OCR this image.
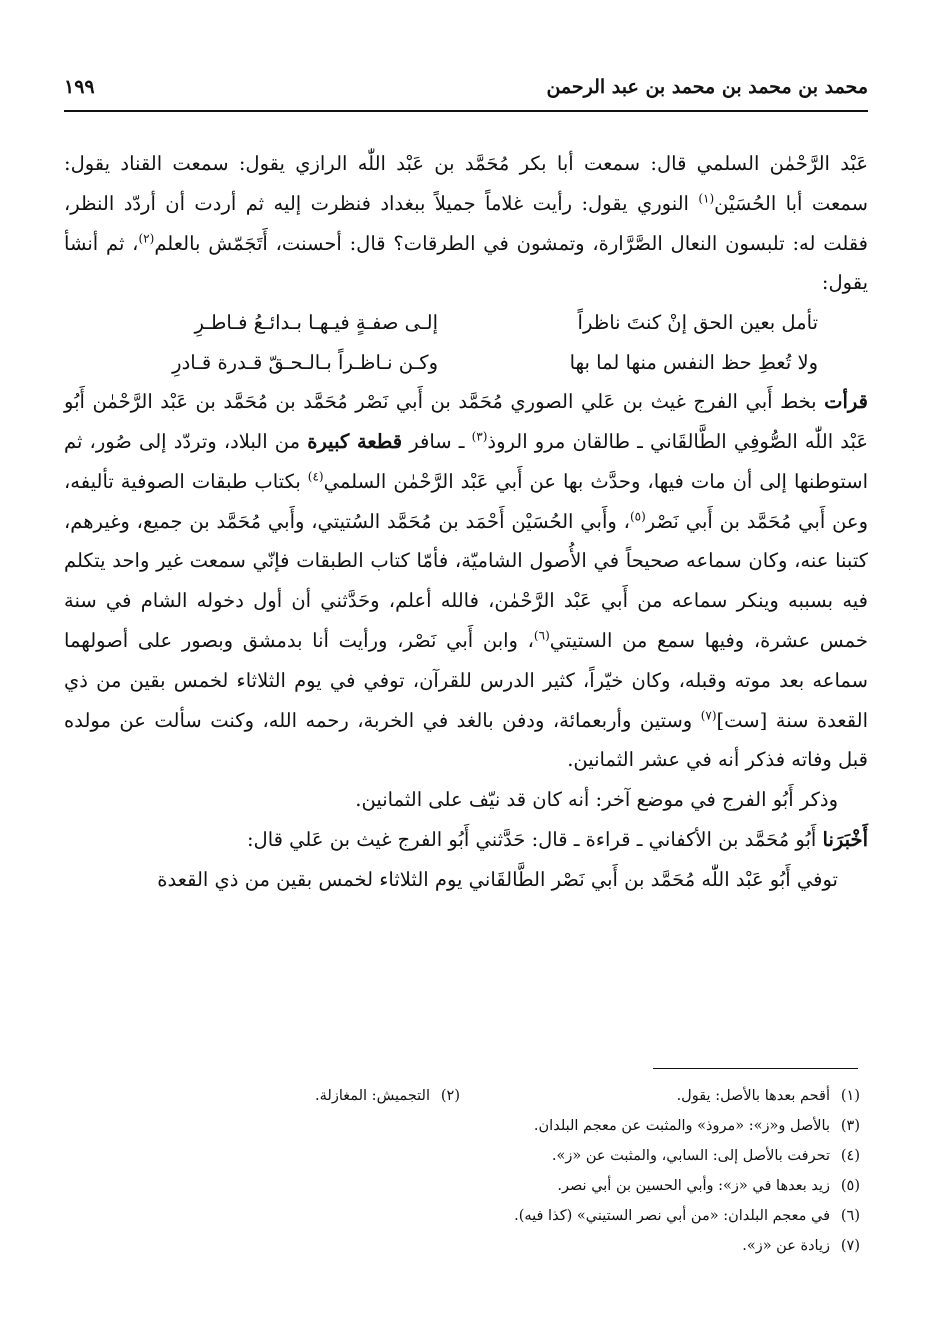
محمد بن محمد بن محمد بن عبد الرحمن
١٩٩

عَبْد الرَّحْمٰن السلمي قال: سمعت أبا بكر مُحَمَّد بن عَبْد اللّٰه الرازي يقول: سمعت القناد يقول: سمعت أبا الحُسَيْن$^{(١)}$ النوري يقول: رأيت غلاماً جميلاً ببغداد فنظرت إليه ثم أردت أن أردّد النظر، فقلت له: تلبسون النعال الصَّرَّارة، وتمشون في الطرقات؟ قال: أحسنت، أَتَجَمّش بالعلم$^{(٢)}$، ثم أنشأ يقول:

تأمل بعين الحق إنْ كنتَ ناظراً
إلـى صفـةٍ فيـهـا بـدائـعُ فـاطـرِ
ولا تُعطِ حظ النفس منها لما بها
وكـن نـاظـراً بـالـحـقّ قـدرة قـادرِ

قرأت بخط أَبي الفرج غيث بن عَلي الصوري مُحَمَّد بن أَبي نَصْر مُحَمَّد بن مُحَمَّد بن عَبْد الرَّحْمٰن أَبُو عَبْد اللّٰه الصُّوفِي الطَّالقَاني ـ طالقان مرو الروذ$^{(٣)}$ ـ سافر قطعة كبيرة من البلاد، وتردّد إلى صُور، ثم استوطنها إلى أن مات فيها، وحدَّث بها عن أَبي عَبْد الرَّحْمٰن السلمي$^{(٤)}$ بكتاب طبقات الصوفية تأليفه، وعن أَبي مُحَمَّد بن أَبي نَصْر$^{(٥)}$، وأَبي الحُسَيْن أَحْمَد بن مُحَمَّد السُتيتي، وأَبي مُحَمَّد بن جميع، وغيرهم، كتبنا عنه، وكان سماعه صحيحاً في الأُصول الشاميّة، فأمّا كتاب الطبقات فإنّي سمعت غير واحد يتكلم فيه بسببه وينكر سماعه من أَبي عَبْد الرَّحْمٰن، فالله أعلم، وحَدَّثني أن أول دخوله الشام في سنة خمس عشرة، وفيها سمع من الستيتي$^{(٦)}$، وابن أَبي نَصْر، ورأيت أنا بدمشق وبصور على أصولهما سماعه بعد موته وقبله، وكان خيّراً، كثير الدرس للقرآن، توفي في يوم الثلاثاء لخمس بقين من ذي القعدة سنة [ست]$^{(٧)}$ وستين وأربعمائة، ودفن بالغد في الخربة، رحمه الله، وكنت سألت عن مولده قبل وفاته فذكر أنه في عشر الثمانين.

وذكر أَبُو الفرج في موضع آخر: أنه كان قد نيّف على الثمانين.

أَخْبَرَنا أَبُو مُحَمَّد بن الأكفاني ـ قراءة ـ قال: حَدَّثني أَبُو الفرج غيث بن عَلي قال:

توفي أَبُو عَبْد اللّٰه مُحَمَّد بن أَبي نَصْر الطَّالقَاني يوم الثلاثاء لخمس بقين من ذي القعدة

(١)أقحم بعدها بالأصل: يقول.
(٢)التجميش: المغازلة.
(٣)بالأصل و«ز»: «مروذ» والمثبت عن معجم البلدان.
(٤)تحرفت بالأصل إلى: السابي، والمثبت عن «ز».
(٥)زيد بعدها في «ز»: وأبي الحسين بن أبي نصر.
(٦)في معجم البلدان: «من أبي نصر الستيني» (كذا فيه).
(٧)زيادة عن «ز».
